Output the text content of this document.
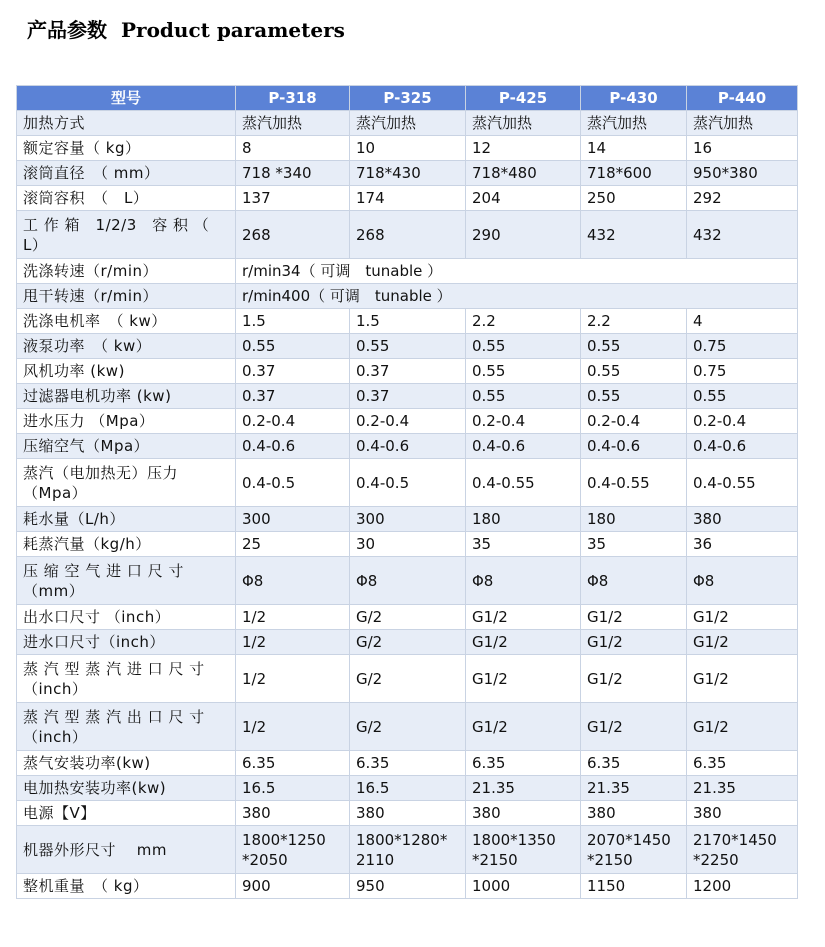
产品参数 Product parameters
型号	P-318	P-325	P-425	P-430	P-440
加热方式	蒸汽加热	蒸汽加热	蒸汽加热	蒸汽加热	蒸汽加热
额定容量（ kg）	8	10	12	14	16
滚筒直径　（ mm）	718 *340	718*430	718*480	718*600	950*380
滚筒容积　（　L）	137	174	204	250	292
工 作 箱　1/2/3　容 积 （　L）	268	268	290	432	432
洗涤转速（r/min）	r/min34（ 可调　tunable ）				
甩干转速（r/min）	r/min400（ 可调　tunable ）				
洗涤电机率　（ kw）	1.5	1.5	2.2	2.2	4
液泵功率　（ kw）	0.55	0.55	0.55	0.55	0.75
风机功率 (kw)	0.37	0.37	0.55	0.55	0.75
过滤器电机功率 (kw)	0.37	0.37	0.55	0.55	0.55
进水压力 （Mpa）	0.2-0.4	0.2-0.4	0.2-0.4	0.2-0.4	0.2-0.4
压缩空气（Mpa）	0.4-0.6	0.4-0.6	0.4-0.6	0.4-0.6	0.4-0.6
蒸汽（电加热无）压力（Mpa）	0.4-0.5	0.4-0.5	0.4-0.55	0.4-0.55	0.4-0.55
耗水量（L/h）	300	300	180	180	380
耗蒸汽量（kg/h）	25	30	35	35	36
压 缩 空 气 进 口 尺 寸（mm）	Φ8	Φ8	Φ8	Φ8	Φ8
出水口尺寸 （inch）	1/2	G/2	G1/2	G1/2	G1/2
进水口尺寸（inch）	1/2	G/2	G1/2	G1/2	G1/2
蒸 汽 型 蒸 汽 进 口 尺 寸（inch）	1/2	G/2	G1/2	G1/2	G1/2
蒸 汽 型 蒸 汽 出 口 尺 寸（inch）	1/2	G/2	G1/2	G1/2	G1/2
蒸气安装功率(kw)	6.35	6.35	6.35	6.35	6.35
电加热安装功率(kw)	16.5	16.5	21.35	21.35	21.35
电源【V】	380	380	380	380	380
机器外形尺寸　 mm	1800*1250 *2050	1800*1280* 2110	1800*1350 *2150	2070*1450 *2150	2170*1450 *2250
整机重量　（ kg）	900	950	1000	1150	1200
